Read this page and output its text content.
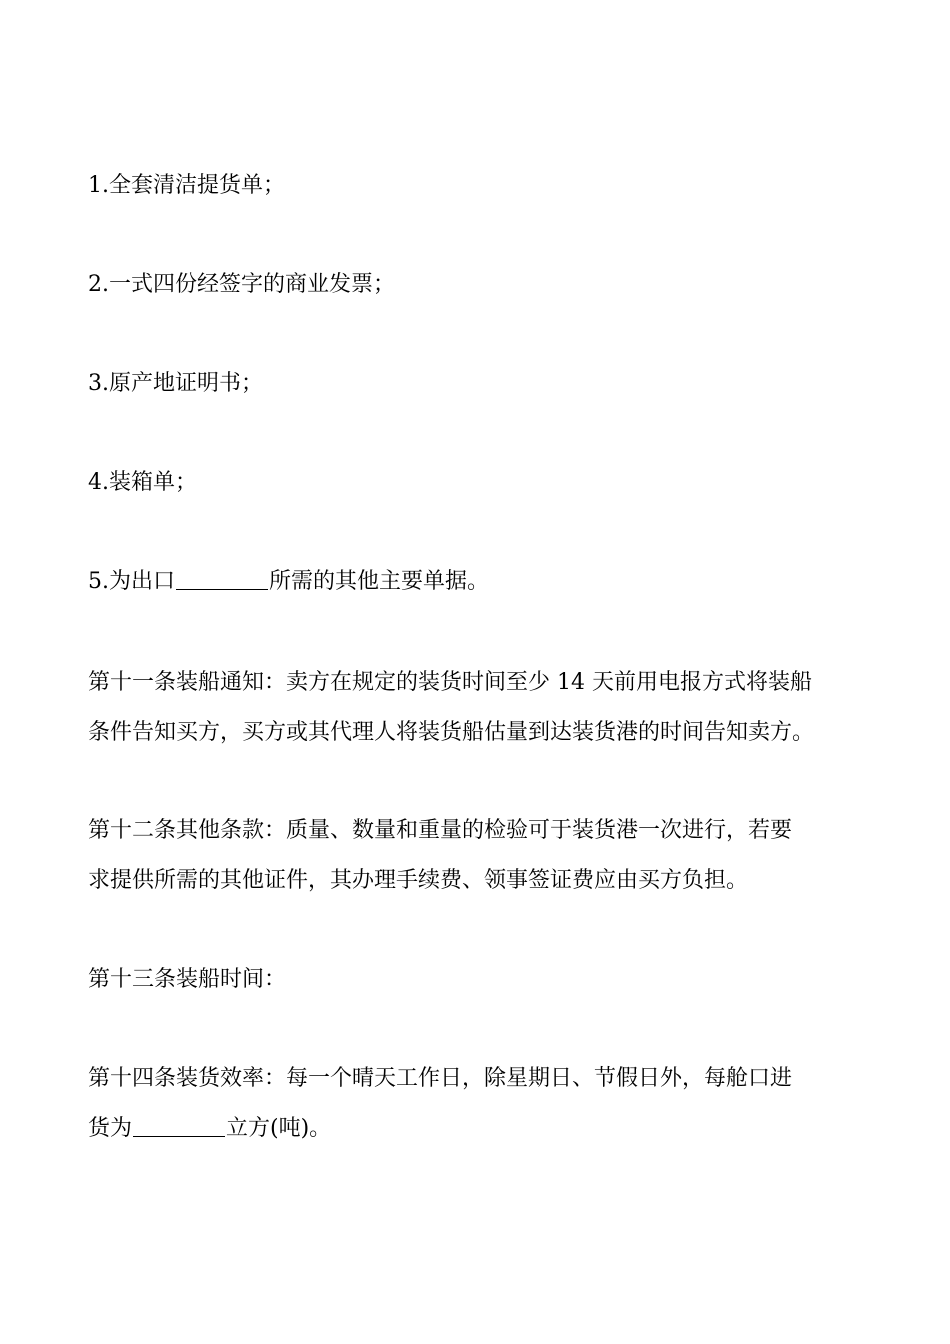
1.全套清洁提货单；
2.一式四份经签字的商业发票；
3.原产地证明书；
4.装箱单；
5.为出口	所需的其他主要单据。
第十一条装船通知：卖方在规定的装货时间至少 14 天前用电报方式将装船
条件告知买方，买方或其代理人将装货船估量到达装货港的时间告知卖方。
第十二条其他条款：质量、数量和重量的检验可于装货港一次进行，若要
求提供所需的其他证件，其办理手续费、领事签证费应由买方负担。
第十三条装船时间：
第十四条装货效率：每一个晴天工作日，除星期日、节假日外，每舱口进
货为	立方(吨)。
